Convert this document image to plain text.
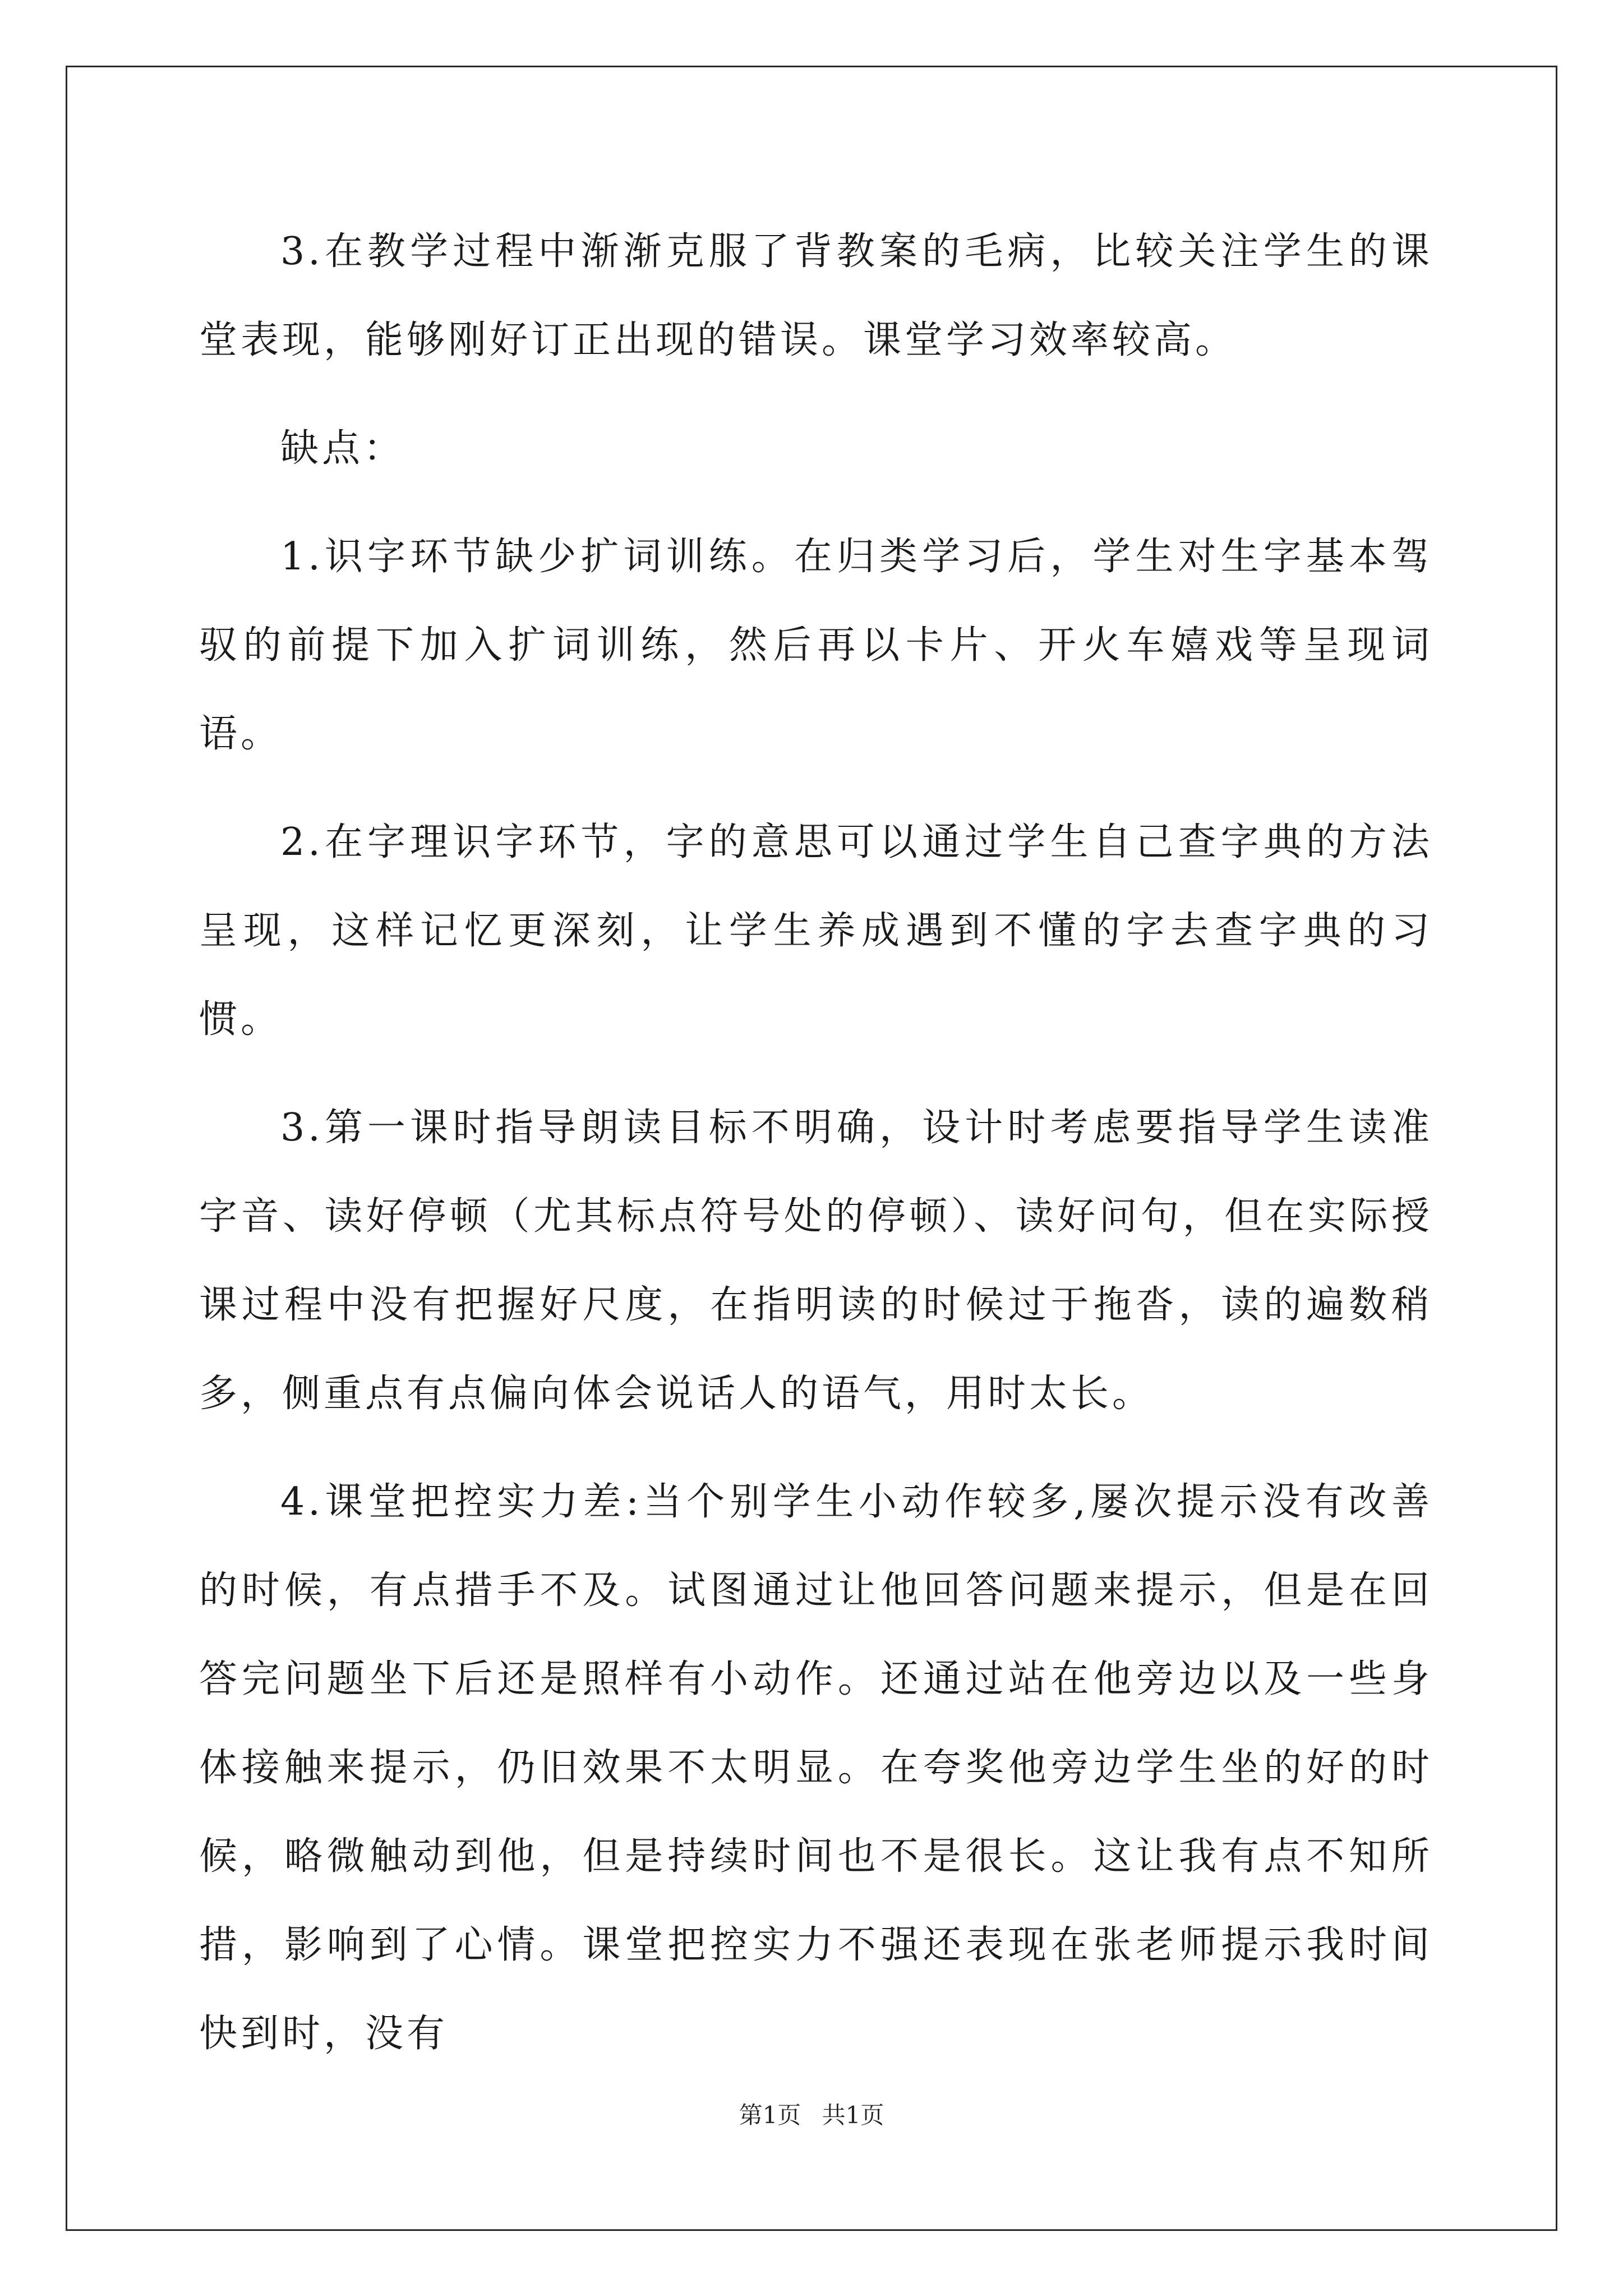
3.在教学过程中渐渐克服了背教案的毛病，比较关注学生的课堂表现，能够刚好订正出现的错误。课堂学习效率较高。

缺点：

1.识字环节缺少扩词训练。在归类学习后，学生对生字基本驾驭的前提下加入扩词训练，然后再以卡片、开火车嬉戏等呈现词语。

2.在字理识字环节，字的意思可以通过学生自己查字典的方法呈现，这样记忆更深刻，让学生养成遇到不懂的字去查字典的习惯。

3.第一课时指导朗读目标不明确，设计时考虑要指导学生读准字音、读好停顿（尤其标点符号处的停顿）、读好问句，但在实际授课过程中没有把握好尺度，在指明读的时候过于拖沓，读的遍数稍多，侧重点有点偏向体会说话人的语气，用时太长。

4.课堂把控实力差:当个别学生小动作较多,屡次提示没有改善的时候，有点措手不及。试图通过让他回答问题来提示，但是在回答完问题坐下后还是照样有小动作。还通过站在他旁边以及一些身体接触来提示，仍旧效果不太明显。在夸奖他旁边学生坐的好的时候，略微触动到他，但是持续时间也不是很长。这让我有点不知所措，影响到了心情。课堂把控实力不强还表现在张老师提示我时间快到时，没有

第1页 共1页
